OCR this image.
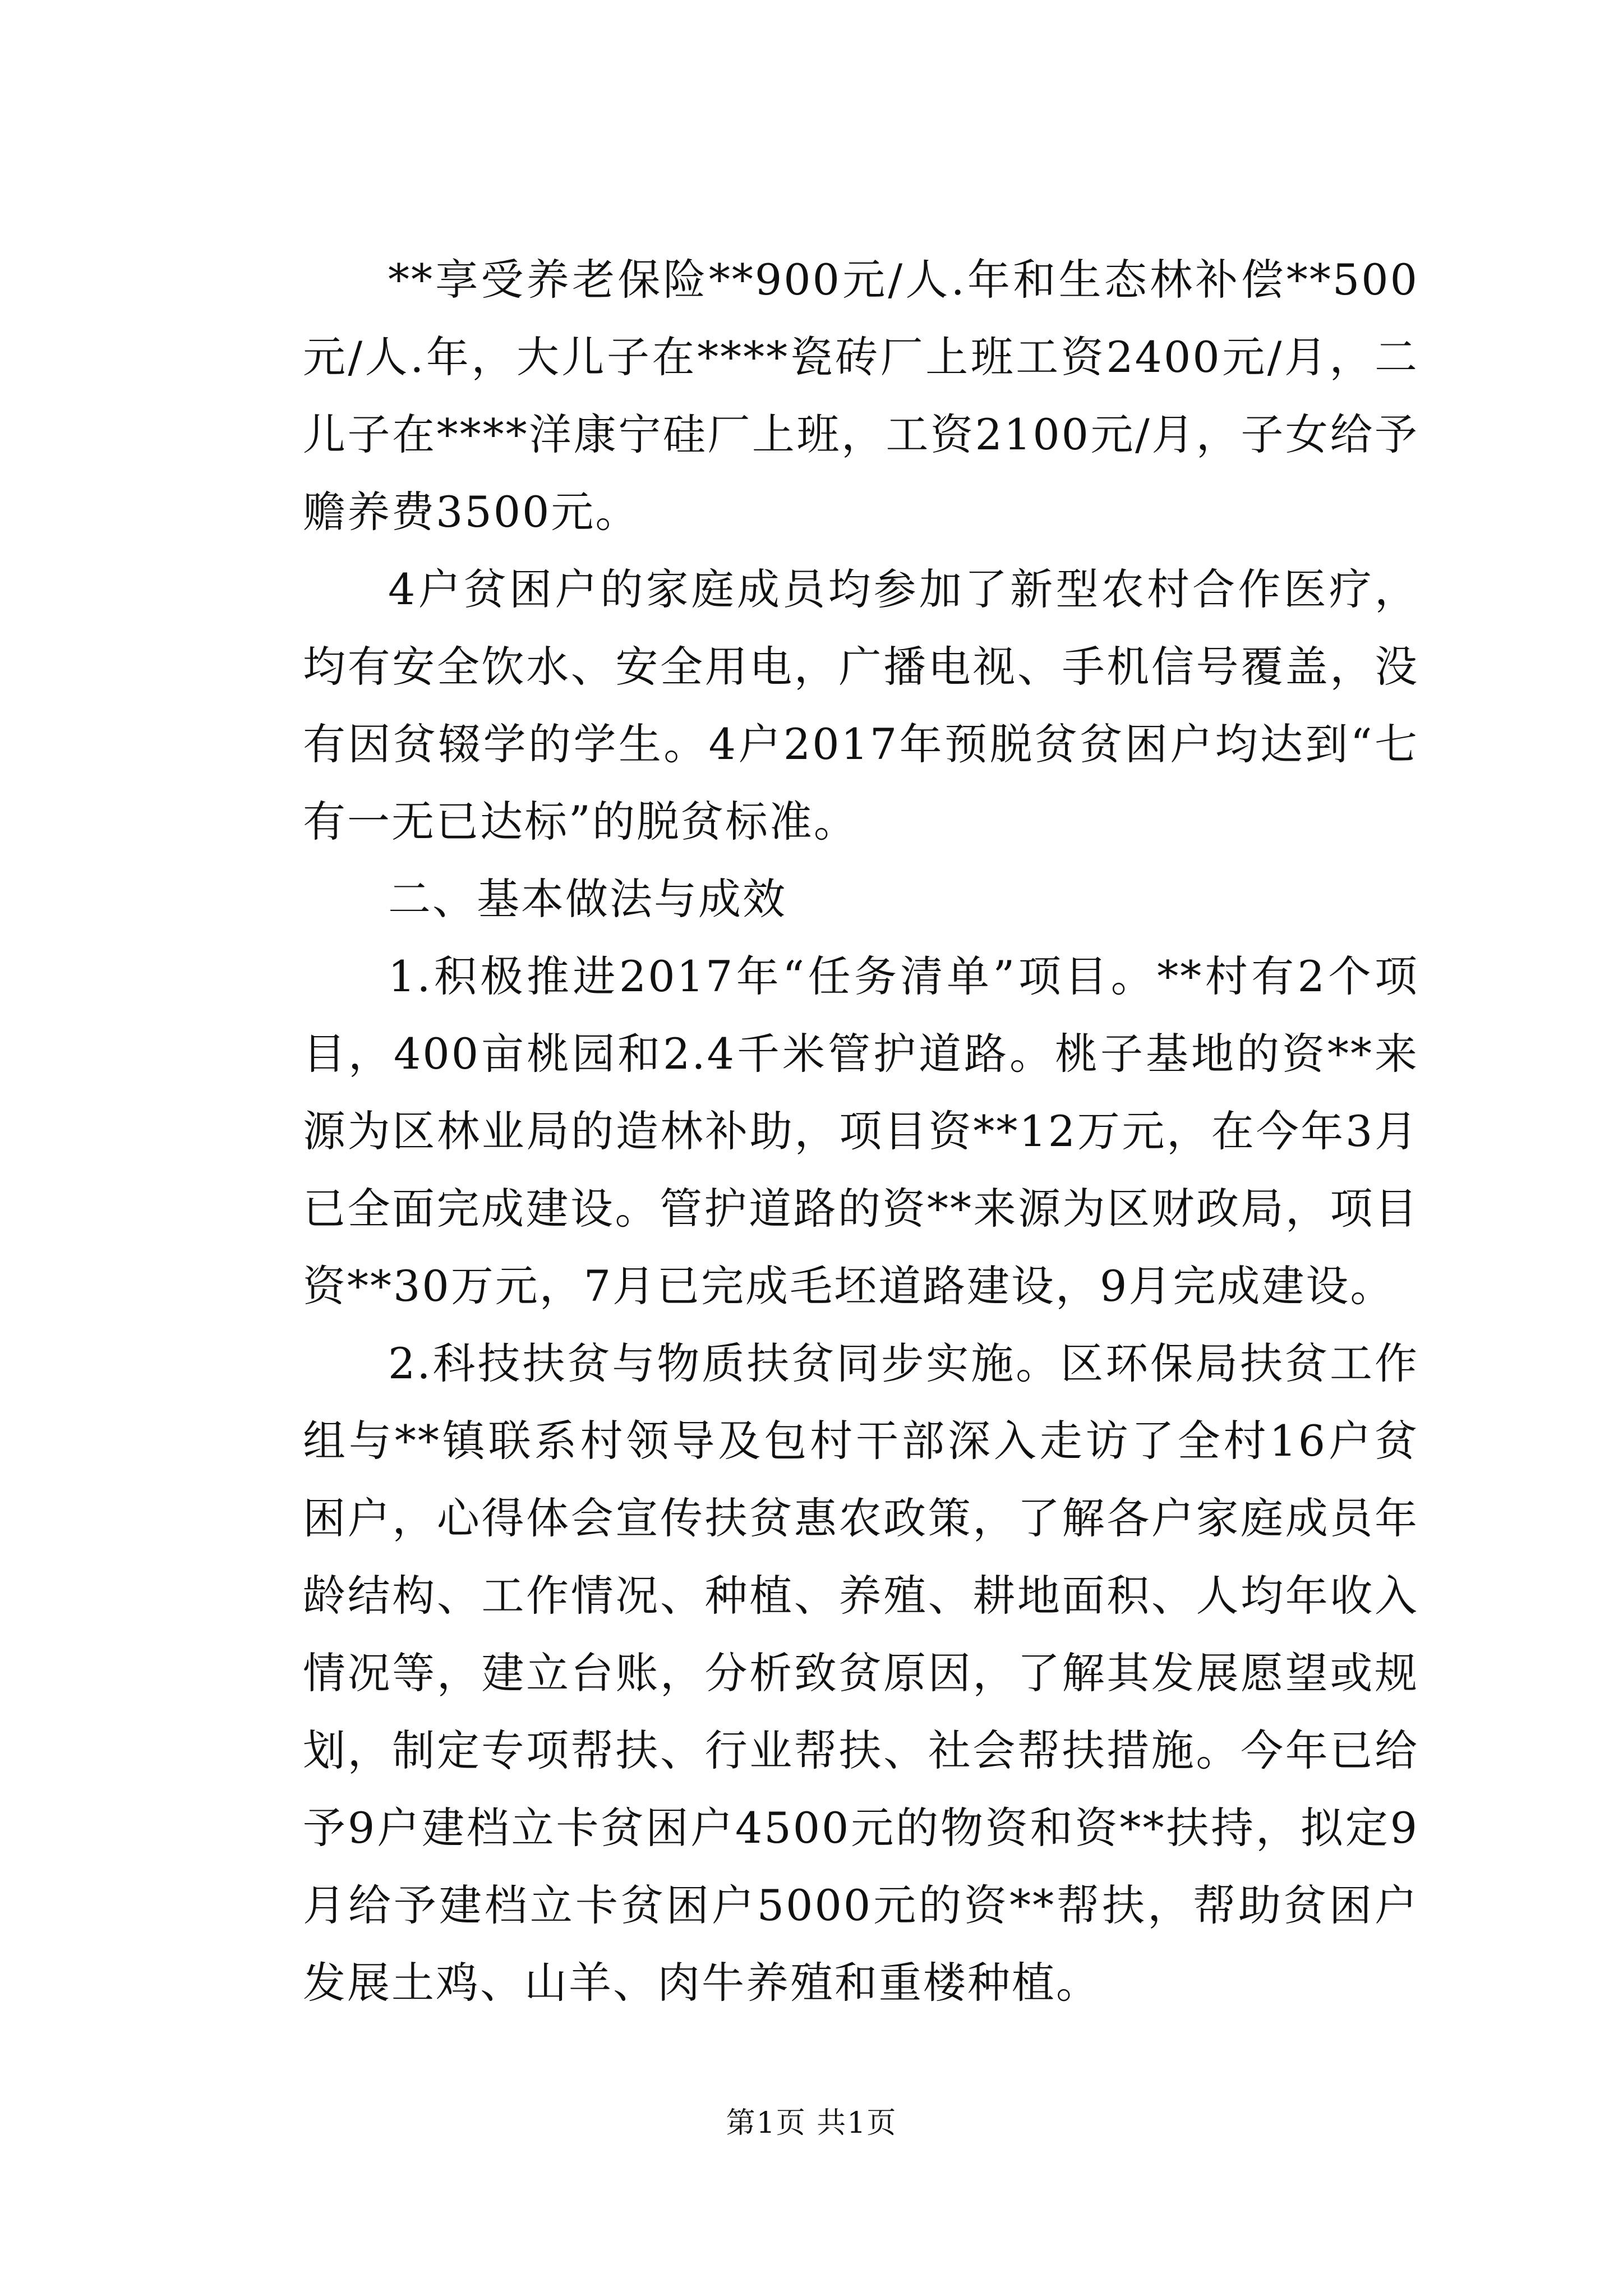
**享受养老保险**900元/人.年和生态林补偿**500元/人.年，大儿子在****瓷砖厂上班工资2400元/月，二儿子在****洋康宁硅厂上班，工资2100元/月，子女给予赡养费3500元。

4户贫困户的家庭成员均参加了新型农村合作医疗，均有安全饮水、安全用电，广播电视、手机信号覆盖，没有因贫辍学的学生。4户2017年预脱贫贫困户均达到“七有一无已达标”的脱贫标准。

二、基本做法与成效

1.积极推进2017年“任务清单”项目。**村有2个项目，400亩桃园和2.4千米管护道路。桃子基地的资**来源为区林业局的造林补助，项目资**12万元，在今年3月已全面完成建设。管护道路的资**来源为区财政局，项目资**30万元，7月已完成毛坯道路建设，9月完成建设。

2.科技扶贫与物质扶贫同步实施。区环保局扶贫工作组与**镇联系村领导及包村干部深入走访了全村16户贫困户，心得体会宣传扶贫惠农政策，了解各户家庭成员年龄结构、工作情况、种植、养殖、耕地面积、人均年收入情况等，建立台账，分析致贫原因，了解其发展愿望或规划，制定专项帮扶、行业帮扶、社会帮扶措施。今年已给予9户建档立卡贫困户4500元的物资和资**扶持，拟定9月给予建档立卡贫困户5000元的资**帮扶，帮助贫困户发展土鸡、山羊、肉牛养殖和重楼种植。

第1页 共1页
